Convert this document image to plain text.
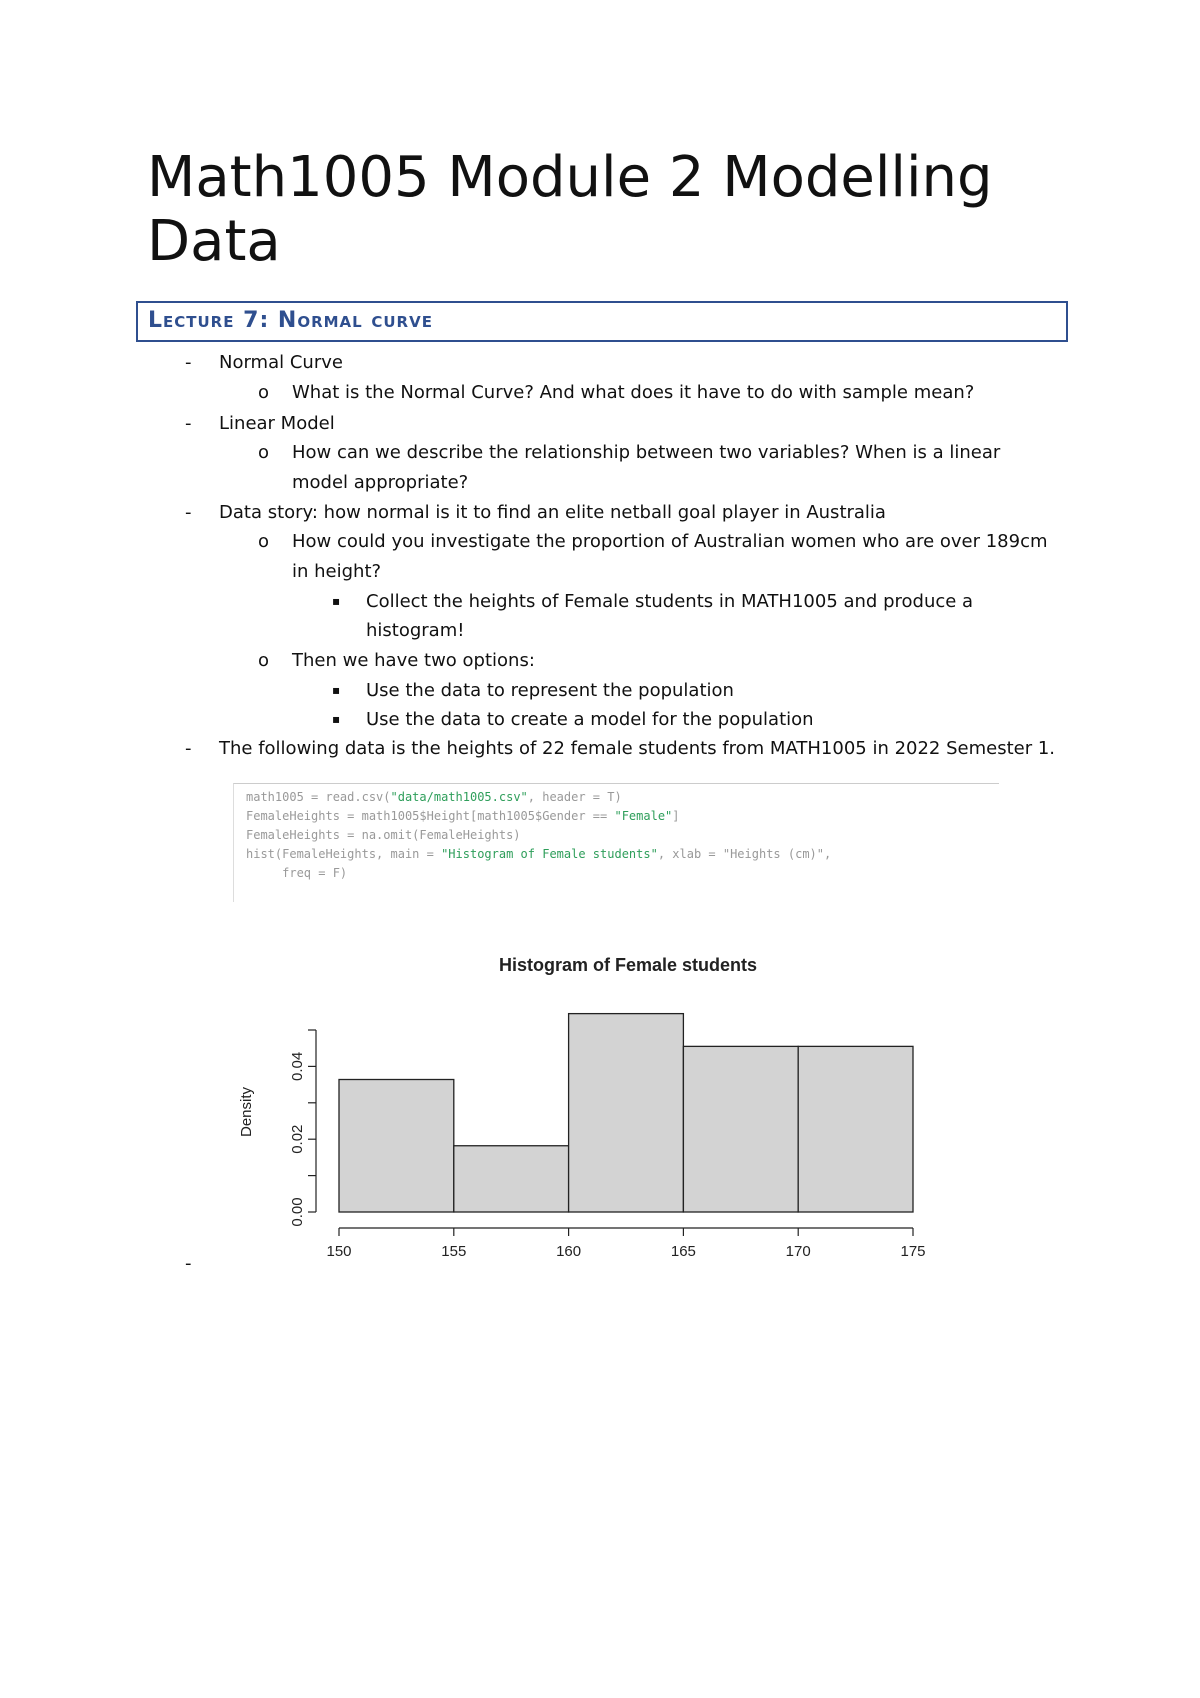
Math1005 Module 2 Modelling Data
Lecture 7: Normal curve
- Normal Curve
o What is the Normal Curve? And what does it have to do with sample mean?
- Linear Model
o How can we describe the relationship between two variables? When is a linear
model appropriate?
- Data story: how normal is it to find an elite netball goal player in Australia
o How could you investigate the proportion of Australian women who are over 189cm
in height?
▪ Collect the heights of Female students in MATH1005 and produce a
histogram!
o Then we have two options:
▪ Use the data to represent the population
▪ Use the data to create a model for the population
- The following data is the heights of 22 female students from MATH1005 in 2022 Semester 1.
math1005 = read.csv("data/math1005.csv", header = T)
FemaleHeights = math1005$Height[math1005$Gender == "Female"]
FemaleHeights = na.omit(FemaleHeights)
hist(FemaleHeights, main = "Histogram of Female students", xlab = "Heights (cm)",
freq = F)
Histogram of Female students
Density
150	155	160	165	170	175
0.00
0.02
0.04
-
